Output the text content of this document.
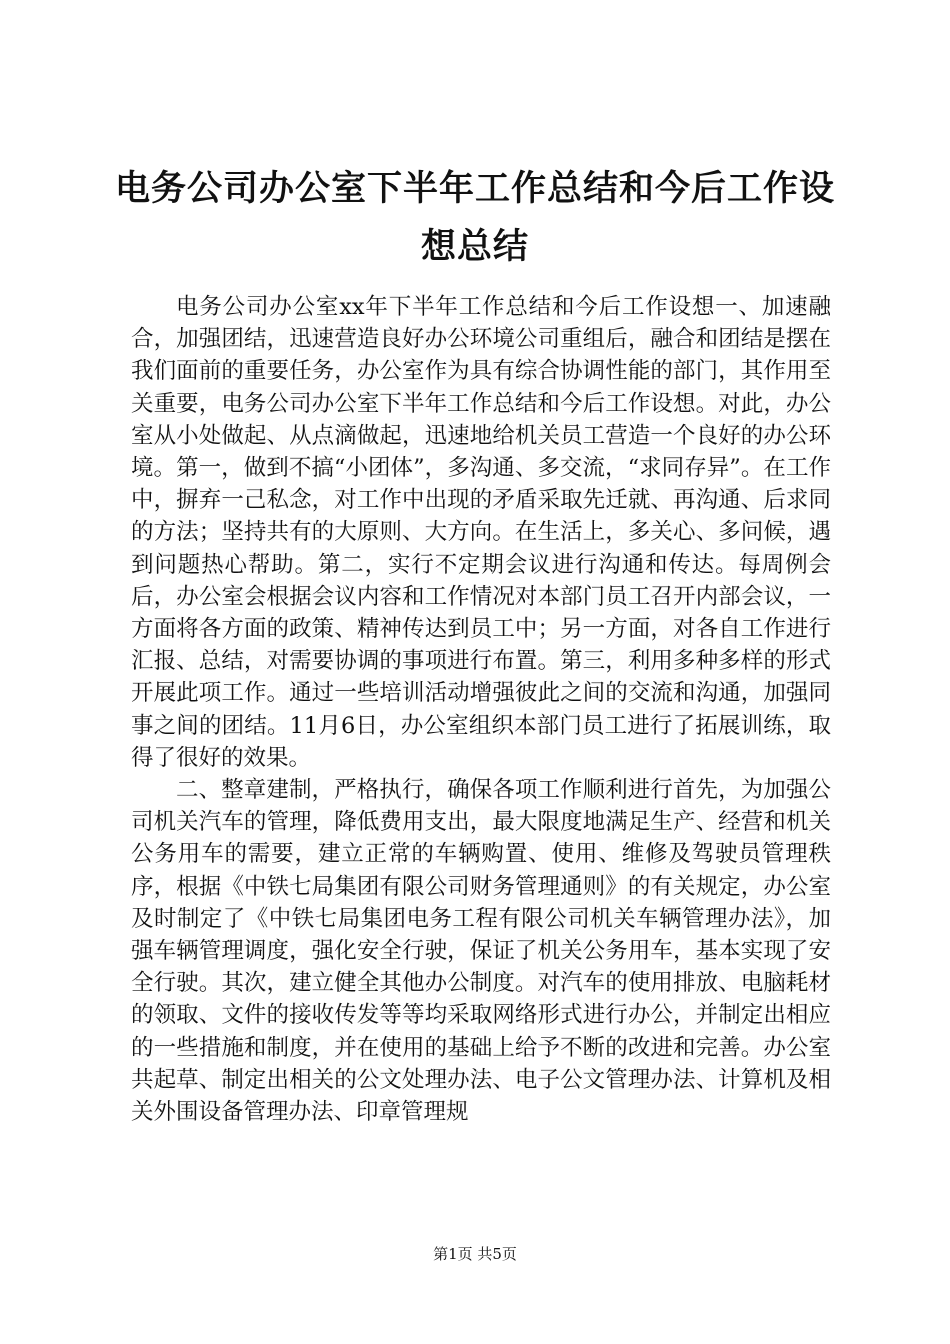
电务公司办公室下半年工作总结和今后工作设想总结

电务公司办公室xx年下半年工作总结和今后工作设想一、加速融合，加强团结，迅速营造良好办公环境公司重组后，融合和团结是摆在我们面前的重要任务，办公室作为具有综合协调性能的部门，其作用至关重要，电务公司办公室下半年工作总结和今后工作设想。对此，办公室从小处做起、从点滴做起，迅速地给机关员工营造一个良好的办公环境。第一，做到不搞“小团体”，多沟通、多交流，“求同存异”。在工作中，摒弃一己私念，对工作中出现的矛盾采取先迁就、再沟通、后求同的方法；坚持共有的大原则、大方向。在生活上，多关心、多问候，遇到问题热心帮助。第二，实行不定期会议进行沟通和传达。每周例会后，办公室会根据会议内容和工作情况对本部门员工召开内部会议，一方面将各方面的政策、精神传达到员工中；另一方面，对各自工作进行汇报、总结，对需要协调的事项进行布置。第三，利用多种多样的形式开展此项工作。通过一些培训活动增强彼此之间的交流和沟通，加强同事之间的团结。11月6日，办公室组织本部门员工进行了拓展训练，取得了很好的效果。

二、整章建制，严格执行，确保各项工作顺利进行首先，为加强公司机关汽车的管理，降低费用支出，最大限度地满足生产、经营和机关公务用车的需要，建立正常的车辆购置、使用、维修及驾驶员管理秩序，根据《中铁七局集团有限公司财务管理通则》的有关规定，办公室及时制定了《中铁七局集团电务工程有限公司机关车辆管理办法》，加强车辆管理调度，强化安全行驶，保证了机关公务用车，基本实现了安全行驶。其次，建立健全其他办公制度。对汽车的使用排放、电脑耗材的领取、文件的接收传发等等均采取网络形式进行办公，并制定出相应的一些措施和制度，并在使用的基础上给予不断的改进和完善。办公室共起草、制定出相关的公文处理办法、电子公文管理办法、计算机及相关外围设备管理办法、印章管理规

第1页 共5页
